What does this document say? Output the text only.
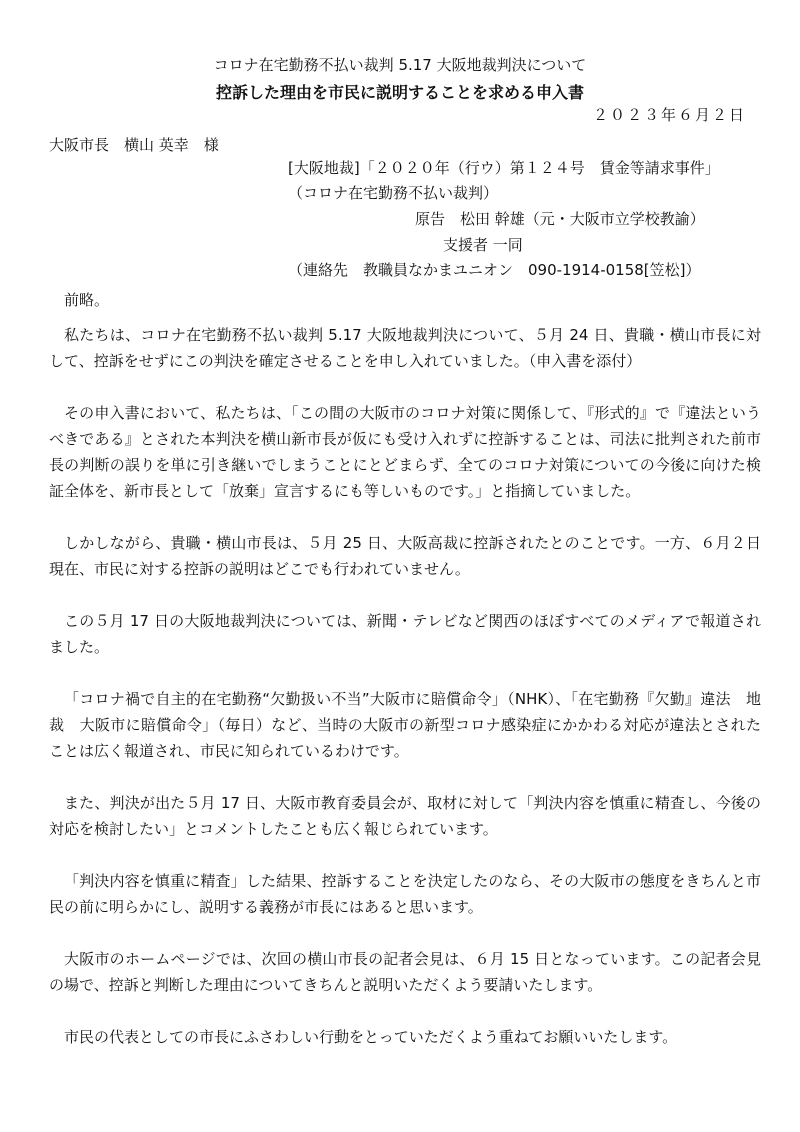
コロナ在宅勤務不払い裁判 5.17 大阪地裁判決について
控訴した理由を市民に説明することを求める申入書
２０２３年６月２日
大阪市長　横山 英幸　様
[大阪地裁]「２０２０年（行ウ）第１２４号　賃金等請求事件」
（コロナ在宅勤務不払い裁判）
原告　松田 幹雄（元・大阪市立学校教諭）
支援者 一同
（連絡先　教職員なかまユニオン　090-1914-0158[笠松]）
前略。

私たちは、コロナ在宅勤務不払い裁判 5.17 大阪地裁判決について、５月 24 日、貴職・横山市長に対して、控訴をせずにこの判決を確定させることを申し入れていました。（申入書を添付）

その申入書において、私たちは、「この間の大阪市のコロナ対策に関係して、『形式的』で『違法というべきである』とされた本判決を横山新市長が仮にも受け入れずに控訴することは、司法に批判された前市長の判断の誤りを単に引き継いでしまうことにとどまらず、全てのコロナ対策についての今後に向けた検証全体を、新市長として「放棄」宣言するにも等しいものです。」と指摘していました。

しかしながら、貴職・横山市長は、５月 25 日、大阪高裁に控訴されたとのことです。一方、６月２日現在、市民に対する控訴の説明はどこでも行われていません。

この５月 17 日の大阪地裁判決については、新聞・テレビなど関西のほぼすべてのメディアで報道されました。

「コロナ禍で自主的在宅勤務“欠勤扱い不当”大阪市に賠償命令」（NHK）、「在宅勤務『欠勤』違法　地裁　大阪市に賠償命令」（毎日）など、当時の大阪市の新型コロナ感染症にかかわる対応が違法とされたことは広く報道され、市民に知られているわけです。

また、判決が出た５月 17 日、大阪市教育委員会が、取材に対して「判決内容を慎重に精査し、今後の対応を検討したい」とコメントしたことも広く報じられています。

「判決内容を慎重に精査」した結果、控訴することを決定したのなら、その大阪市の態度をきちんと市民の前に明らかにし、説明する義務が市長にはあると思います。

大阪市のホームページでは、次回の横山市長の記者会見は、６月 15 日となっています。この記者会見の場で、控訴と判断した理由についてきちんと説明いただくよう要請いたします。

市民の代表としての市長にふさわしい行動をとっていただくよう重ねてお願いいたします。
